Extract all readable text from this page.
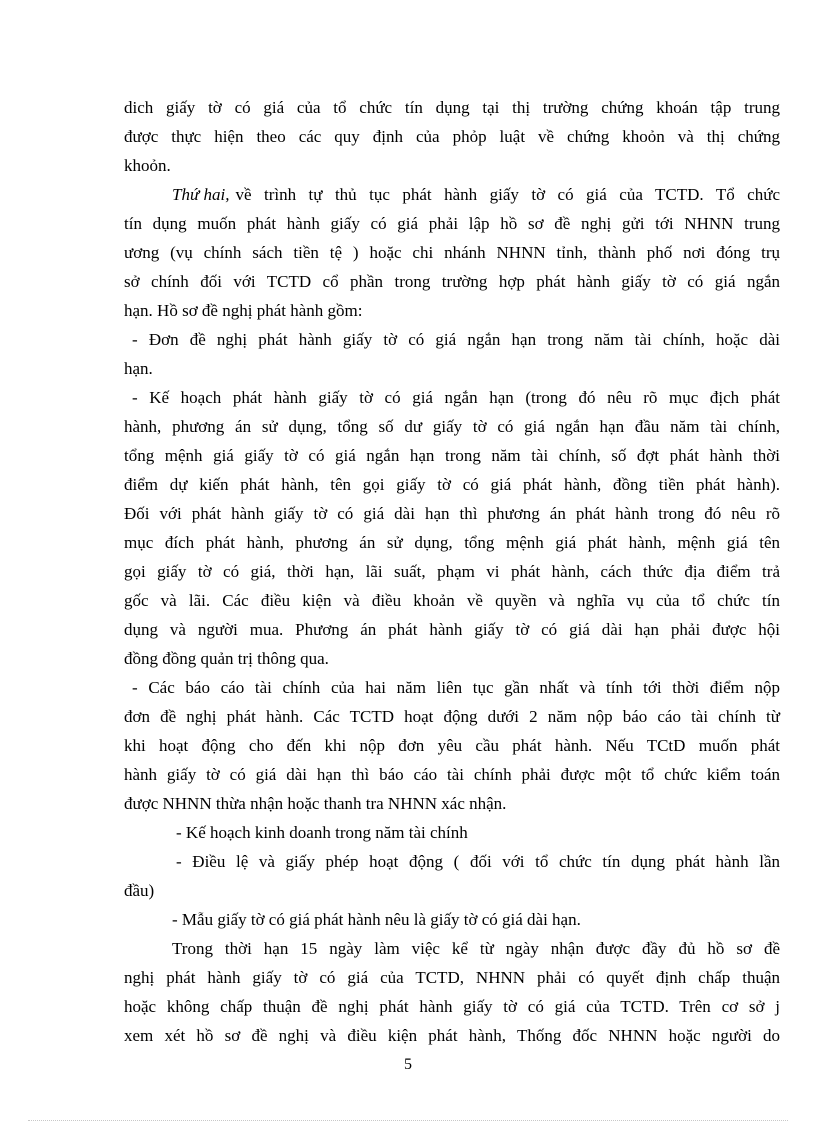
dich giấy tờ có giá của tổ chức tín dụng tại thị trường chứng khoán tập trung
được thực hiện theo các quy định của phỏp luật về chứng khoỏn và thị chứng
khoỏn.
Thứ hai, về trình tự thủ tục phát hành giấy tờ có giá của TCTD. Tổ chức
tín dụng muốn phát hành giấy có giá phải lập hồ sơ đề nghị gửi tới NHNN trung
ương (vụ chính sách tiền tệ ) hoặc chi nhánh NHNN tỉnh, thành phố nơi đóng trụ
sở chính đối với TCTD cổ phần trong trường hợp phát hành giấy tờ có giá ngắn
hạn. Hồ sơ đề nghị phát hành gồm:
- Đơn đề nghị phát hành giấy tờ có giá ngắn hạn trong năm tài chính, hoặc dài
hạn.
- Kế hoạch phát hành giấy tờ có giá ngắn hạn (trong đó nêu rõ mục địch phát
hành, phương án sử dụng, tổng số dư giấy tờ có giá ngắn hạn đầu năm tài chính,
tổng mệnh giá giấy tờ có giá ngắn hạn trong năm tài chính, số đợt phát hành thời
điểm dự kiến phát hành, tên gọi giấy tờ có giá phát hành, đồng tiền phát hành).
Đối với phát hành giấy tờ có giá dài hạn thì phương án phát hành trong đó nêu rõ
mục đích phát hành, phương án sử dụng, tổng mệnh giá phát hành, mệnh giá tên
gọi giấy tờ có giá, thời hạn, lãi suất, phạm vi phát hành, cách thức địa điểm trả
gốc và lãi. Các điều kiện và điều khoản về quyền và nghĩa vụ của tổ chức tín
dụng và người mua. Phương án phát hành giấy tờ có giá dài hạn phải được hội
đồng đồng quản trị thông qua.
- Các báo cáo tài chính của hai năm liên tục gần nhất và tính tới thời điểm nộp
đơn đề nghị phát hành. Các TCTD hoạt động dưới 2 năm nộp báo cáo tài chính từ
khi hoạt động cho đến khi nộp đơn yêu cầu phát hành. Nếu TCtD muốn phát
hành giấy tờ có giá dài hạn thì báo cáo tài chính phải được một tổ chức kiểm toán
được NHNN thừa nhận hoặc thanh tra NHNN xác nhận.
- Kế hoạch kinh doanh trong năm tài chính
- Điều lệ và giấy phép hoạt động ( đối với tổ chức tín dụng phát hành lần
đầu)
- Mẫu giấy tờ có giá phát hành nêu là giấy tờ có giá dài hạn.
Trong thời hạn 15 ngày làm việc kể từ ngày nhận được đầy đủ hồ sơ đề
nghị phát hành giấy tờ có giá của TCTD, NHNN phải có quyết định chấp thuận
hoặc không chấp thuận đề nghị phát hành giấy tờ có giá của TCTD. Trên cơ sở j
xem xét hồ sơ đề nghị và điều kiện phát hành, Thống đốc NHNN hoặc người do
5
